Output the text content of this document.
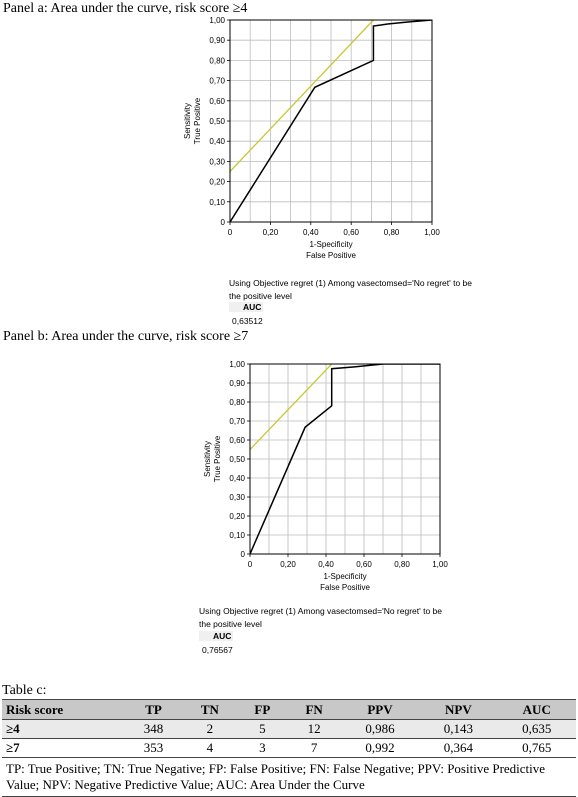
Panel a: Area under the curve, risk score ≥4
0	0,20	0,40	0,60	0,80	1,00
0
0,10
0,20
0,30
0,40
0,50
0,60
0,70
0,80
0,90
1,00
1-Specificity
False Positive
Sensitivity True Positive
Using Objective regret (1) Among vasectomsed='No regret' to be
the positive level
AUC
0,63512
Panel b: Area under the curve, risk score ≥7
0	0,20	0,40	0,60	0,80	1,00
0
0,10
0,20
0,30
0,40
0,50
0,60
0,70
0,80
0,90
1,00
1-Specificity
False Positive
Sensitivity True Positive
Using Objective regret (1) Among vasectomsed='No regret' to be
the positive level
AUC
0,76567
Table c:
Risk score	TP	TN	FP	FN	PPV	NPV	AUC
≥4	348	2	5	12	0,986	0,143	0,635
≥7	353	4	3	7	0,992	0,364	0,765
TP: True Positive; TN: True Negative; FP: False Positive; FN: False Negative; PPV: Positive Predictive Value; NPV: Negative Predictive Value; AUC: Area Under the Curve							
